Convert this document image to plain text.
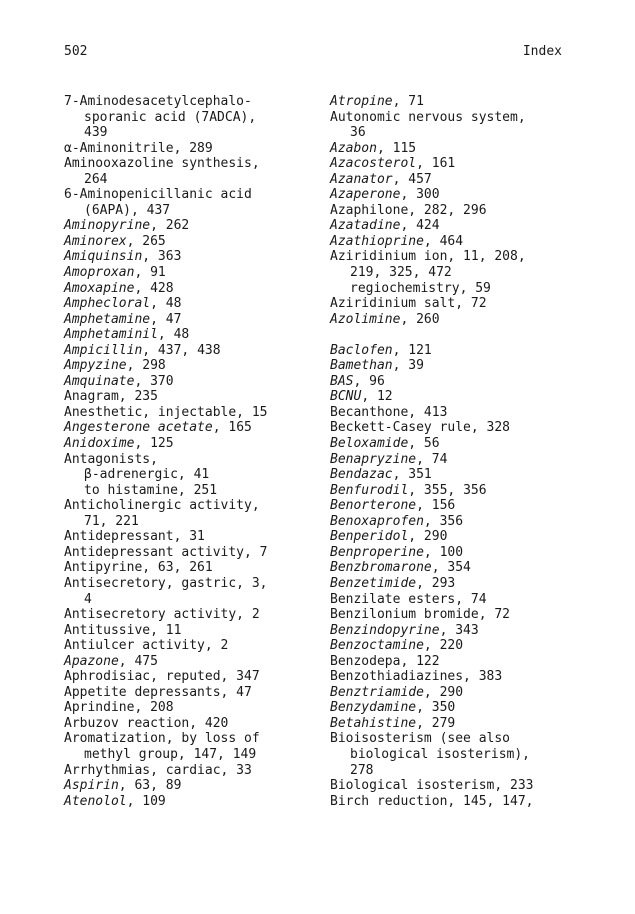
502	Index
7-Aminodesacetylcephalo-
sporanic acid (7ADCA),
439
α-Aminonitrile, 289
Aminooxazoline synthesis,
264
6-Aminopenicillanic acid
(6APA), 437
Aminopyrine, 262
Aminorex, 265
Amiquinsin, 363
Amoproxan, 91
Amoxapine, 428
Amphecloral, 48
Amphetamine, 47
Amphetaminil, 48
Ampicillin, 437, 438
Ampyzine, 298
Amquinate, 370
Anagram, 235
Anesthetic, injectable, 15
Angesterone acetate, 165
Anidoxime, 125
Antagonists,
β-adrenergic, 41
to histamine, 251
Anticholinergic activity,
71, 221
Antidepressant, 31
Antidepressant activity, 7
Antipyrine, 63, 261
Antisecretory, gastric, 3,
4
Antisecretory activity, 2
Antitussive, 11
Antiulcer activity, 2
Apazone, 475
Aphrodisiac, reputed, 347
Appetite depressants, 47
Aprindine, 208
Arbuzov reaction, 420
Aromatization, by loss of
methyl group, 147, 149
Arrhythmias, cardiac, 33
Aspirin, 63, 89
Atenolol, 109
Atropine, 71
Autonomic nervous system,
36
Azabon, 115
Azacosterol, 161
Azanator, 457
Azaperone, 300
Azaphilone, 282, 296
Azatadine, 424
Azathioprine, 464
Aziridinium ion, 11, 208,
219, 325, 472
regiochemistry, 59
Aziridinium salt, 72
Azolimine, 260
Baclofen, 121
Bamethan, 39
BAS, 96
BCNU, 12
Becanthone, 413
Beckett-Casey rule, 328
Beloxamide, 56
Benapryzine, 74
Bendazac, 351
Benfurodil, 355, 356
Benorterone, 156
Benoxaprofen, 356
Benperidol, 290
Benproperine, 100
Benzbromarone, 354
Benzetimide, 293
Benzilate esters, 74
Benzilonium bromide, 72
Benzindopyrine, 343
Benzoctamine, 220
Benzodepa, 122
Benzothiadiazines, 383
Benztriamide, 290
Benzydamine, 350
Betahistine, 279
Bioisosterism (see also
biological isosterism),
278
Biological isosterism, 233
Birch reduction, 145, 147,
